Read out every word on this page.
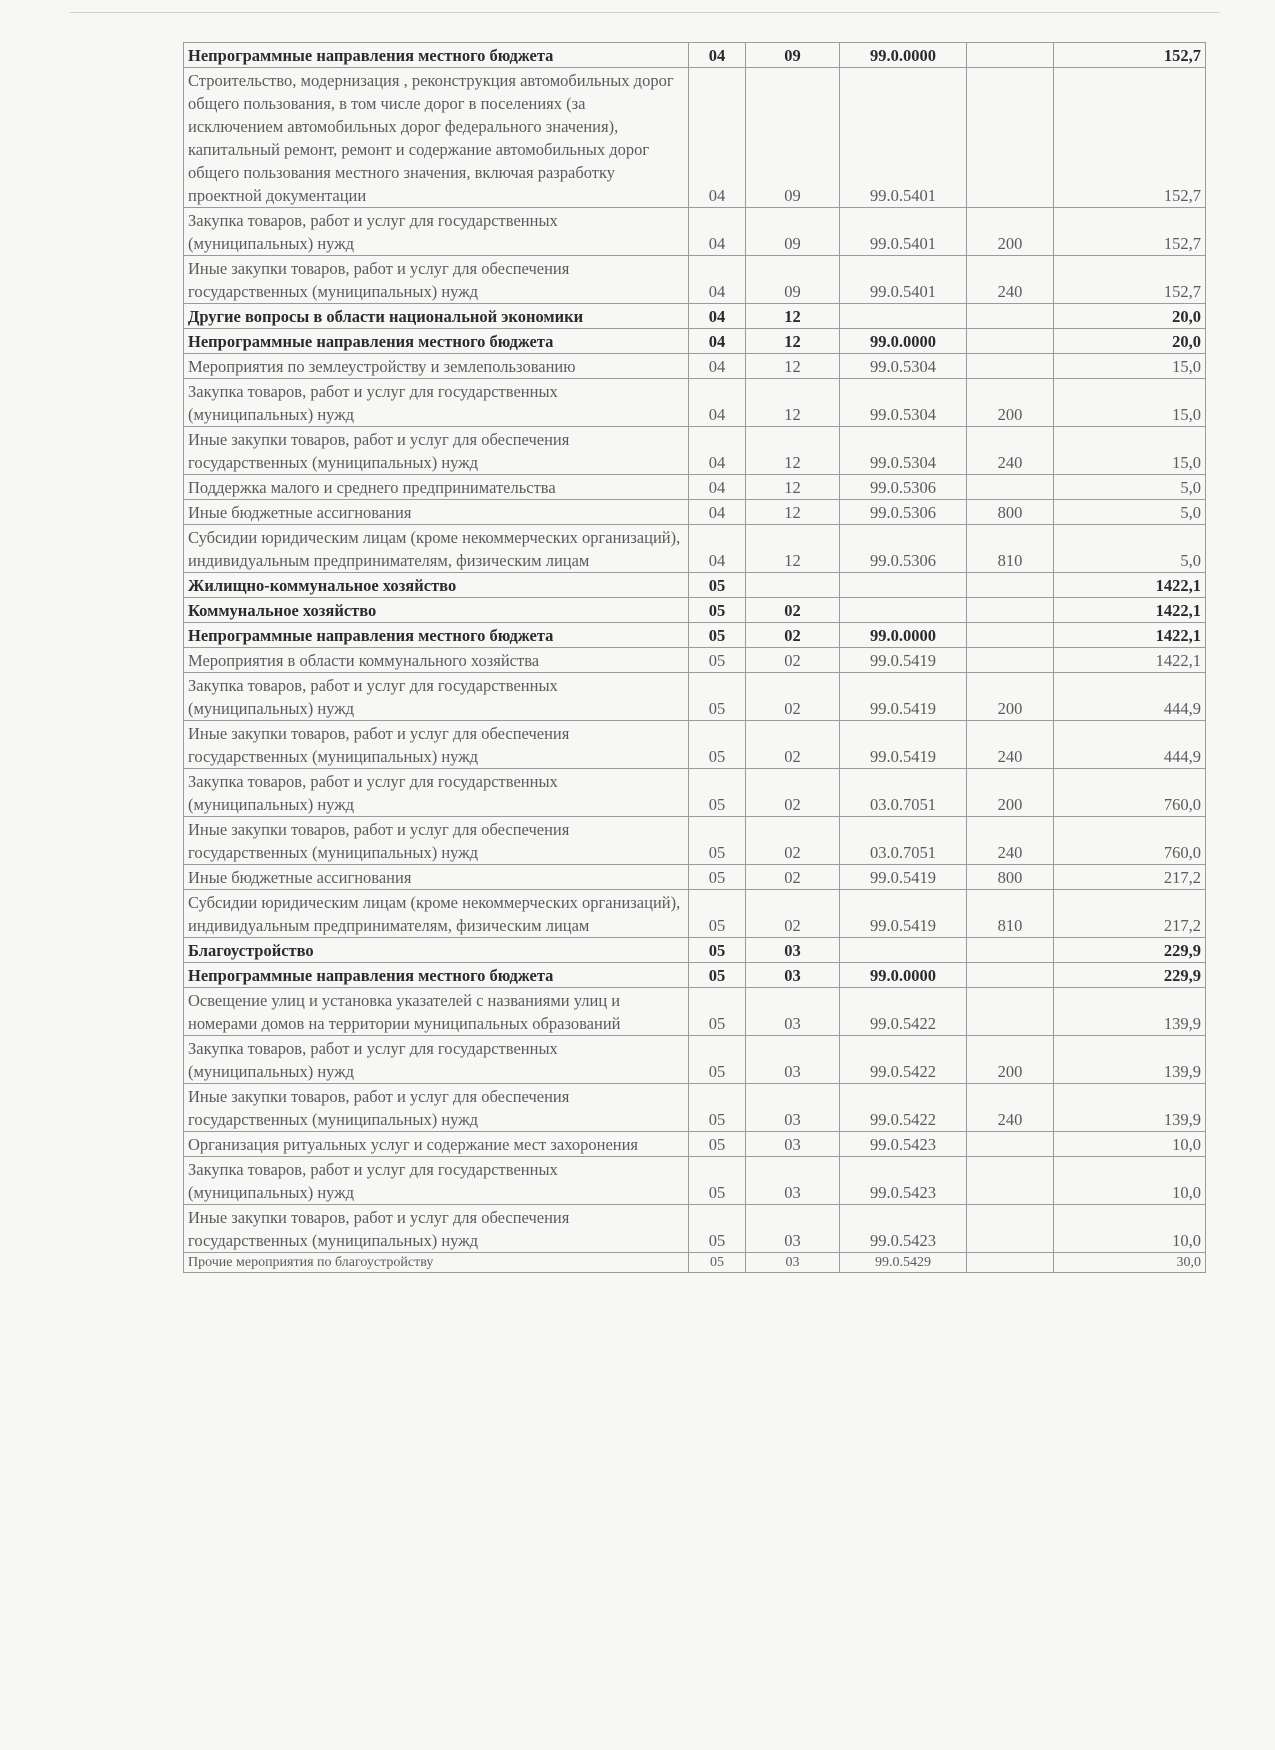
Непрограммные направления местного бюджета	04	09	99.0.0000		152,7
Строительство, модернизация , реконструкция автомобильных дорог общего пользования, в том числе дорог в поселениях (за исключением автомобильных дорог федерального значения), капитальный ремонт, ремонт и содержание автомобильных дорог общего пользования местного значения, включая разработку проектной документации	04	09	99.0.5401		152,7
Закупка товаров, работ и услуг для государственных (муниципальных) нужд	04	09	99.0.5401	200	152,7
Иные закупки товаров, работ и услуг для обеспечения государственных (муниципальных) нужд	04	09	99.0.5401	240	152,7
Другие вопросы в области национальной экономики	04	12			20,0
Непрограммные направления местного бюджета	04	12	99.0.0000		20,0
Мероприятия по землеустройству и землепользованию	04	12	99.0.5304		15,0
Закупка товаров, работ и услуг для государственных (муниципальных) нужд	04	12	99.0.5304	200	15,0
Иные закупки товаров, работ и услуг для обеспечения государственных (муниципальных) нужд	04	12	99.0.5304	240	15,0
Поддержка малого и среднего предпринимательства	04	12	99.0.5306		5,0
Иные бюджетные ассигнования	04	12	99.0.5306	800	5,0
Субсидии юридическим лицам (кроме некоммерческих организаций), индивидуальным предпринимателям, физическим лицам	04	12	99.0.5306	810	5,0
Жилищно-коммунальное хозяйство	05				1422,1
Коммунальное хозяйство	05	02			1422,1
Непрограммные направления местного бюджета	05	02	99.0.0000		1422,1
Мероприятия в области коммунального хозяйства	05	02	99.0.5419		1422,1
Закупка товаров, работ и услуг для государственных (муниципальных) нужд	05	02	99.0.5419	200	444,9
Иные закупки товаров, работ и услуг для обеспечения государственных (муниципальных) нужд	05	02	99.0.5419	240	444,9
Закупка товаров, работ и услуг для государственных (муниципальных) нужд	05	02	03.0.7051	200	760,0
Иные закупки товаров, работ и услуг для обеспечения государственных (муниципальных) нужд	05	02	03.0.7051	240	760,0
Иные бюджетные ассигнования	05	02	99.0.5419	800	217,2
Субсидии юридическим лицам (кроме некоммерческих организаций), индивидуальным предпринимателям, физическим лицам	05	02	99.0.5419	810	217,2
Благоустройство	05	03			229,9
Непрограммные направления местного бюджета	05	03	99.0.0000		229,9
Освещение улиц и установка указателей с названиями улиц и номерами домов на территории муниципальных образований	05	03	99.0.5422		139,9
Закупка товаров, работ и услуг для государственных (муниципальных) нужд	05	03	99.0.5422	200	139,9
Иные закупки товаров, работ и услуг для обеспечения государственных (муниципальных) нужд	05	03	99.0.5422	240	139,9
Организация ритуальных услуг и содержание мест захоронения	05	03	99.0.5423		10,0
Закупка товаров, работ и услуг для государственных (муниципальных) нужд	05	03	99.0.5423		10,0
Иные закупки товаров, работ и услуг для обеспечения государственных (муниципальных) нужд	05	03	99.0.5423		10,0
Прочие мероприятия по благоустройству	05	03	99.0.5429		30,0
